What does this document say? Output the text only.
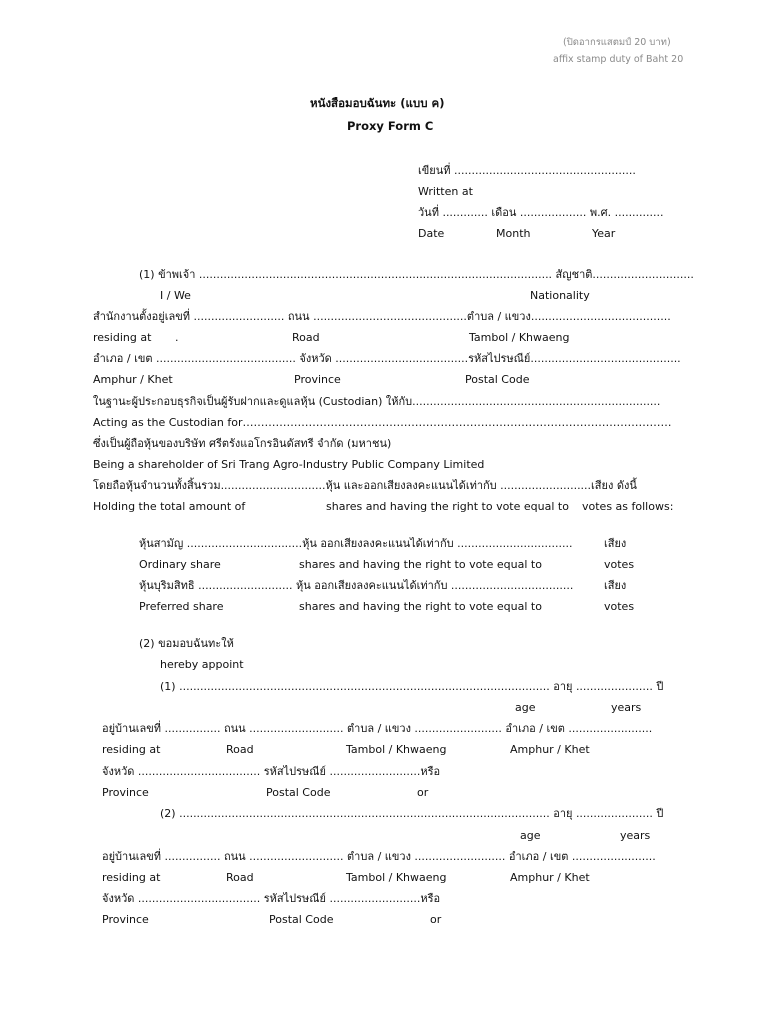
(ปิดอากรแสตมป์ 20 บาท)
affix stamp duty of Baht 20
หนังสือมอบฉันทะ (แบบ ค)
Proxy Form C
เขียนที่ ....................................................
Written at
วันที่ ............. เดือน ................... พ.ศ. ..............
Date	Month	Year
(1) ข้าพเจ้า ..................................................................................................... สัญชาติ.............................
I / We	Nationality
สำนักงานตั้งอยู่เลขที่ .......................... ถนน ............................................ตำบล / แขวง........................................
residing at .	Road	Tambol / Khwaeng
อำเภอ / เขต ........................................ จังหวัด ......................................รหัสไปรษณีย์...........................................
Amphur / Khet	Province	Postal Code
ในฐานะผู้ประกอบธุรกิจเป็นผู้รับฝากและดูแลหุ้น (Custodian) ให้กับ.......................................................................
Acting as the Custodian for………………………………………………………………………………………………………
ซึ่งเป็นผู้ถือหุ้นของบริษัท ศรีตรังแอโกรอินดัสทรี จำกัด (มหาชน)
Being a shareholder of Sri Trang Agro-Industry Public Company Limited
โดยถือหุ้นจำนวนทั้งสิ้นรวม..............................หุ้น และออกเสียงลงคะแนนได้เท่ากับ ..........................เสียง ดังนี้
Holding the total amount of	shares and having the right to vote equal to votes as follows:
หุ้นสามัญ .................................หุ้น ออกเสียงลงคะแนนได้เท่ากับ .................................	เสียง
Ordinary share	shares and having the right to vote equal to	votes
หุ้นบุริมสิทธิ ........................... หุ้น ออกเสียงลงคะแนนได้เท่ากับ ...................................	เสียง
Preferred share	shares and having the right to vote equal to	votes
(2) ขอมอบฉันทะให้
hereby appoint
(1) .......................................................................................................... อายุ ...................... ปี
age	years
อยู่บ้านเลขที่ ................ ถนน ........................... ตำบล / แขวง ......................... อำเภอ / เขต ........................
residing at	Road	Tambol / Khwaeng	Amphur / Khet
จังหวัด ................................... รหัสไปรษณีย์ ..........................หรือ
Province	Postal Code	or
(2) .......................................................................................................... อายุ ...................... ปี
age	years
อยู่บ้านเลขที่ ................ ถนน ........................... ตำบล / แขวง .......................... อำเภอ / เขต ........................
residing at	Road	Tambol / Khwaeng	Amphur / Khet
จังหวัด ................................... รหัสไปรษณีย์ ..........................หรือ
Province	Postal Code	or
